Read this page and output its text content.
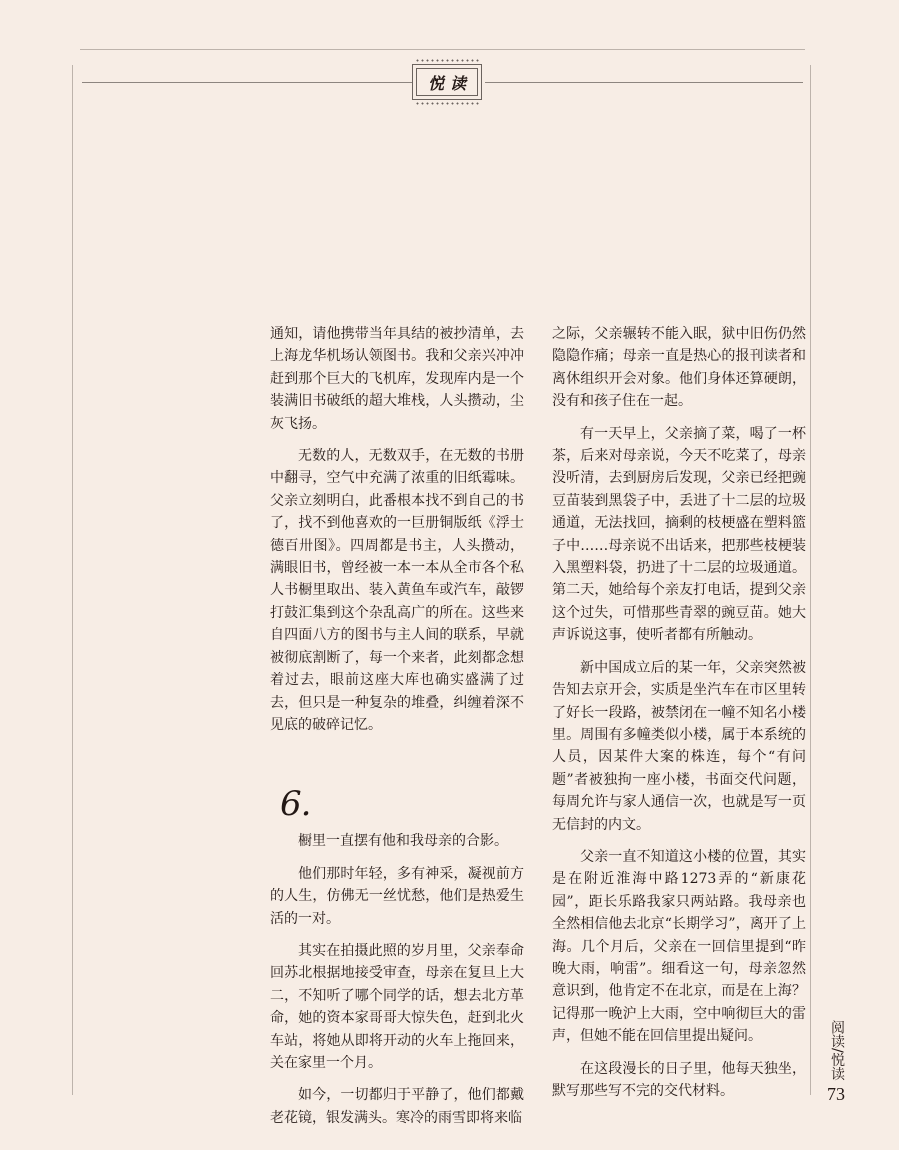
悦读

通知，请他携带当年具结的被抄清单，去上海龙华机场认领图书。我和父亲兴冲冲赶到那个巨大的飞机库，发现库内是一个装满旧书破纸的超大堆栈，人头攒动，尘灰飞扬。

无数的人，无数双手，在无数的书册中翻寻，空气中充满了浓重的旧纸霉味。父亲立刻明白，此番根本找不到自己的书了，找不到他喜欢的一巨册铜版纸《浮士德百卅图》。四周都是书主，人头攒动，满眼旧书，曾经被一本一本从全市各个私人书橱里取出、装入黄鱼车或汽车，敲锣打鼓汇集到这个杂乱高广的所在。这些来自四面八方的图书与主人间的联系，早就被彻底割断了，每一个来者，此刻都念想着过去，眼前这座大库也确实盛满了过去，但只是一种复杂的堆叠，纠缠着深不见底的破碎记忆。

6.

橱里一直摆有他和我母亲的合影。

他们那时年轻，多有神采，凝视前方的人生，仿佛无一丝忧愁，他们是热爱生活的一对。

其实在拍摄此照的岁月里，父亲奉命回苏北根据地接受审查，母亲在复旦上大二，不知听了哪个同学的话，想去北方革命，她的资本家哥哥大惊失色，赶到北火车站，将她从即将开动的火车上拖回来，关在家里一个月。

如今，一切都归于平静了，他们都戴老花镜，银发满头。寒冷的雨雪即将来临

之际，父亲辗转不能入眠，狱中旧伤仍然隐隐作痛；母亲一直是热心的报刊读者和离休组织开会对象。他们身体还算硬朗，没有和孩子住在一起。

有一天早上，父亲摘了菜，喝了一杯茶，后来对母亲说，今天不吃菜了，母亲没听清，去到厨房后发现，父亲已经把豌豆苗装到黑袋子中，丢进了十二层的垃圾通道，无法找回，摘剩的枝梗盛在塑料篮子中……母亲说不出话来，把那些枝梗装入黑塑料袋，扔进了十二层的垃圾通道。第二天，她给每个亲友打电话，提到父亲这个过失，可惜那些青翠的豌豆苗。她大声诉说这事，使听者都有所触动。

新中国成立后的某一年，父亲突然被告知去京开会，实质是坐汽车在市区里转了好长一段路，被禁闭在一幢不知名小楼里。周围有多幢类似小楼，属于本系统的人员，因某件大案的株连，每个“有问题”者被独拘一座小楼，书面交代问题，每周允许与家人通信一次，也就是写一页无信封的内文。

父亲一直不知道这小楼的位置，其实是在附近淮海中路1273弄的“新康花园”，距长乐路我家只两站路。我母亲也全然相信他去北京“长期学习”，离开了上海。几个月后，父亲在一回信里提到“昨晚大雨，响雷”。细看这一句，母亲忽然意识到，他肯定不在北京，而是在上海？记得那一晚沪上大雨，空中响彻巨大的雷声，但她不能在回信里提出疑问。

在这段漫长的日子里，他每天独坐，默写那些写不完的交代材料。

阅读/悦读
73
